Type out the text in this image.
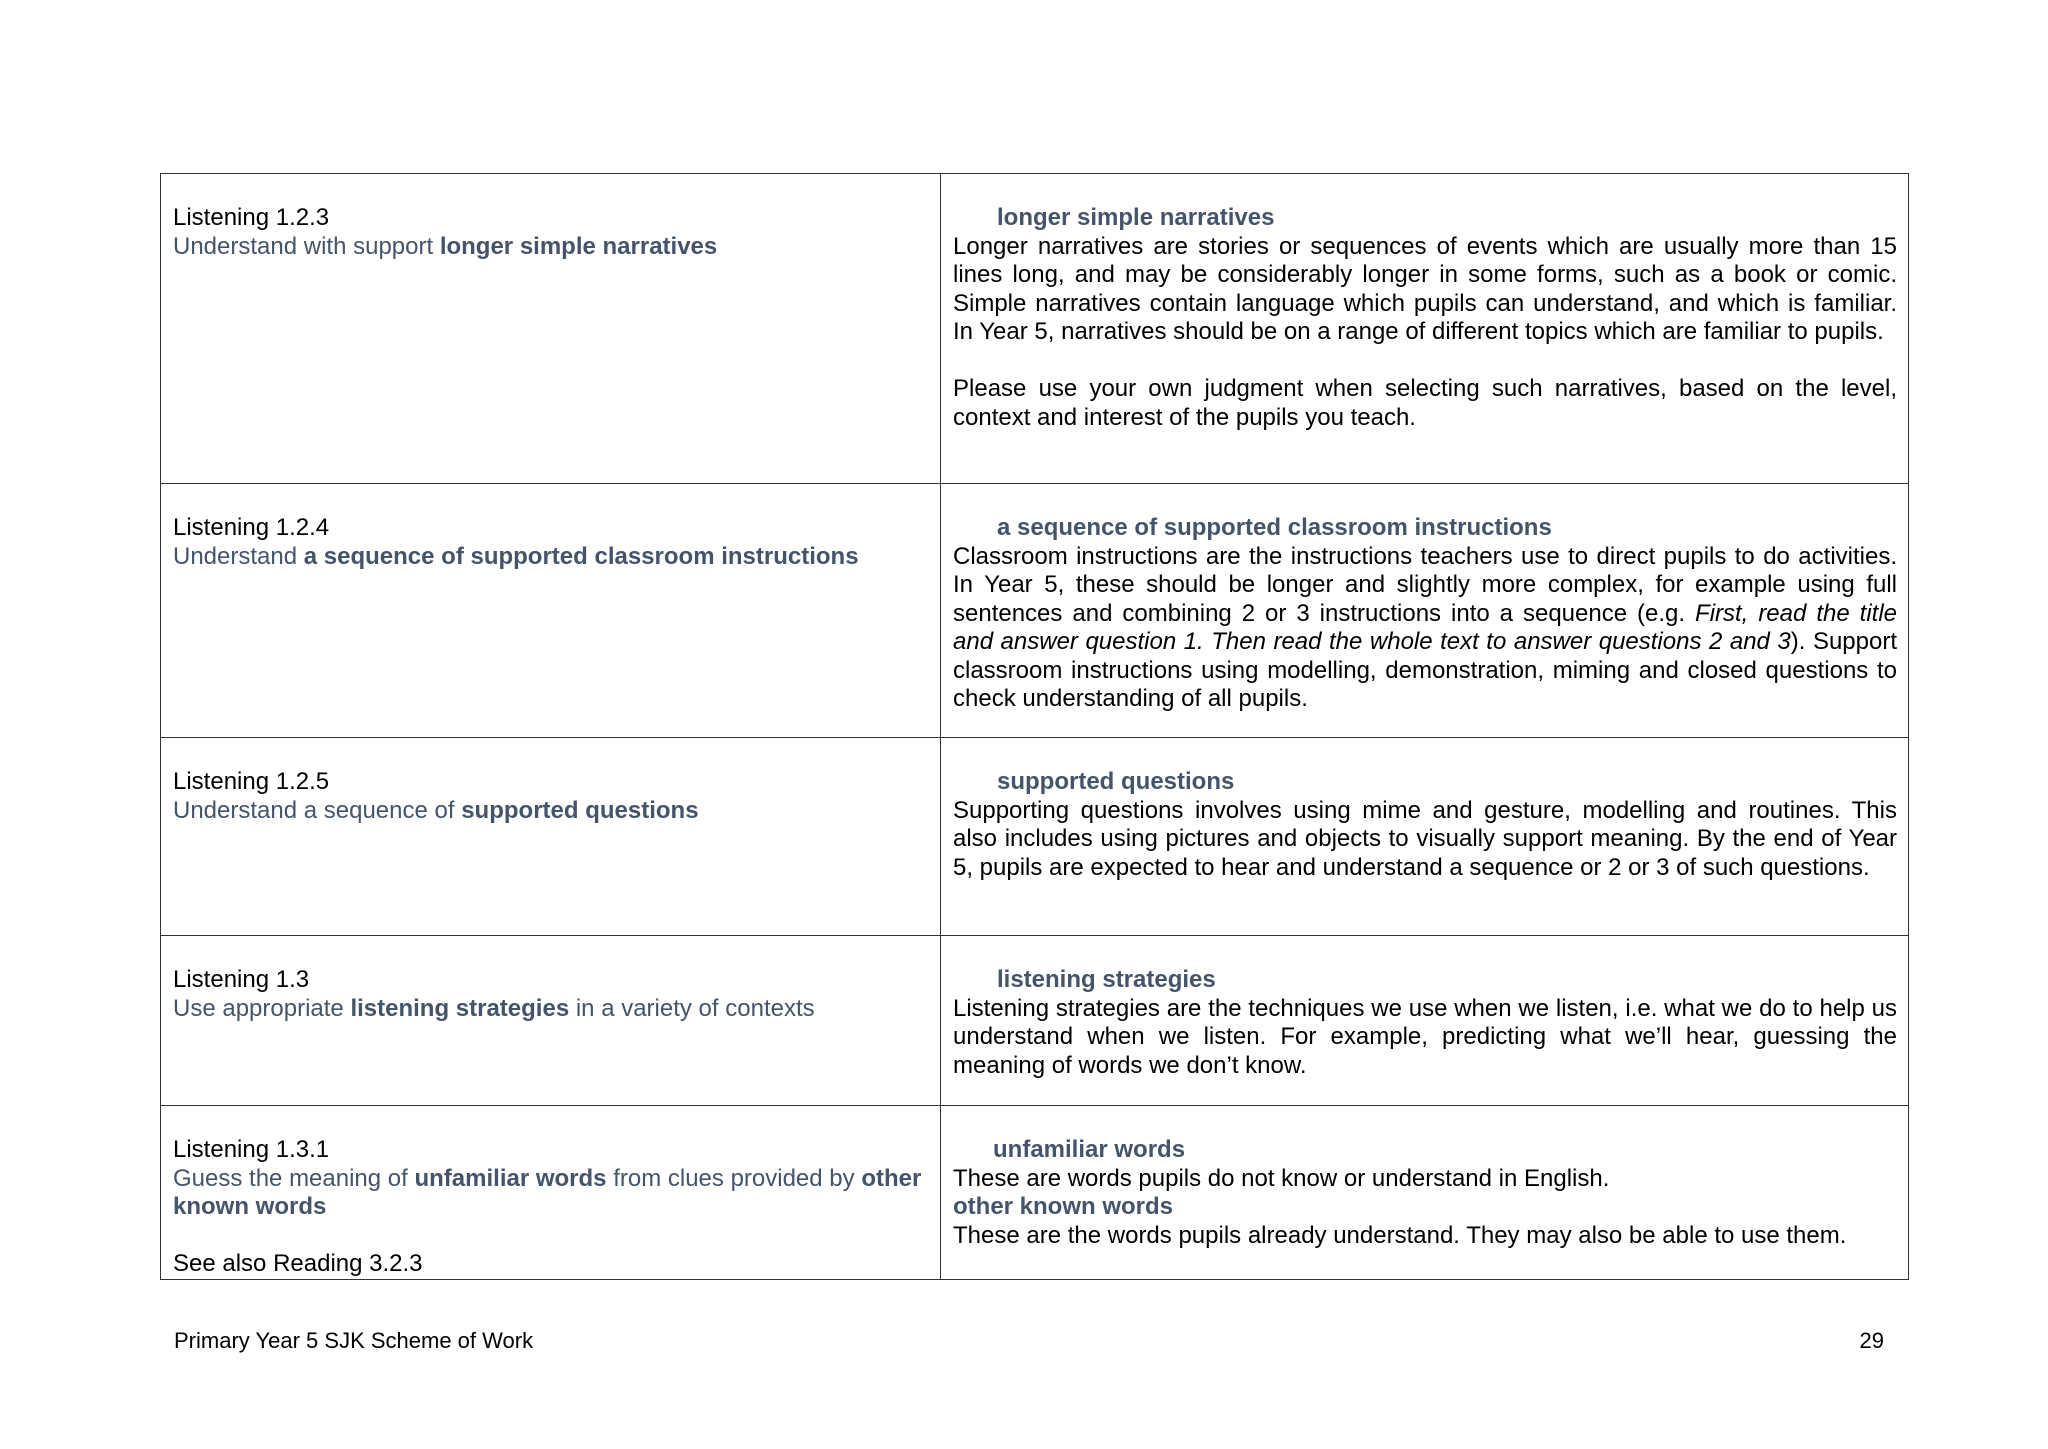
Listening 1.2.3
Understand with support longer simple narratives	longer simple narratives
Longer narratives are stories or sequences of events which are usually more than 15 lines long, and may be considerably longer in some forms, such as a book or comic. Simple narratives contain language which pupils can understand, and which is familiar. In Year 5, narratives should be on a range of different topics which are familiar to pupils.
Please use your own judgment when selecting such narratives, based on the level, context and interest of the pupils you teach.

Listening 1.2.4
Understand a sequence of supported classroom instructions	a sequence of supported classroom instructions
Classroom instructions are the instructions teachers use to direct pupils to do activities. In Year 5, these should be longer and slightly more complex, for example using full sentences and combining 2 or 3 instructions into a sequence (e.g. First, read the title and answer question 1. Then read the whole text to answer questions 2 and 3). Support classroom instructions using modelling, demonstration, miming and closed questions to check understanding of all pupils.

Listening 1.2.5
Understand a sequence of supported questions	supported questions
Supporting questions involves using mime and gesture, modelling and routines. This also includes using pictures and objects to visually support meaning. By the end of Year 5, pupils are expected to hear and understand a sequence or 2 or 3 of such questions.

Listening 1.3
Use appropriate listening strategies in a variety of contexts	listening strategies
Listening strategies are the techniques we use when we listen, i.e. what we do to help us understand when we listen. For example, predicting what we’ll hear, guessing the meaning of words we don’t know.

Listening 1.3.1
Guess the meaning of unfamiliar words from clues provided by other known words
See also Reading 3.2.3	unfamiliar words
These are words pupils do not know or understand in English.
other known words
These are the words pupils already understand. They may also be able to use them.
Primary Year 5 SJK Scheme of Work	29
